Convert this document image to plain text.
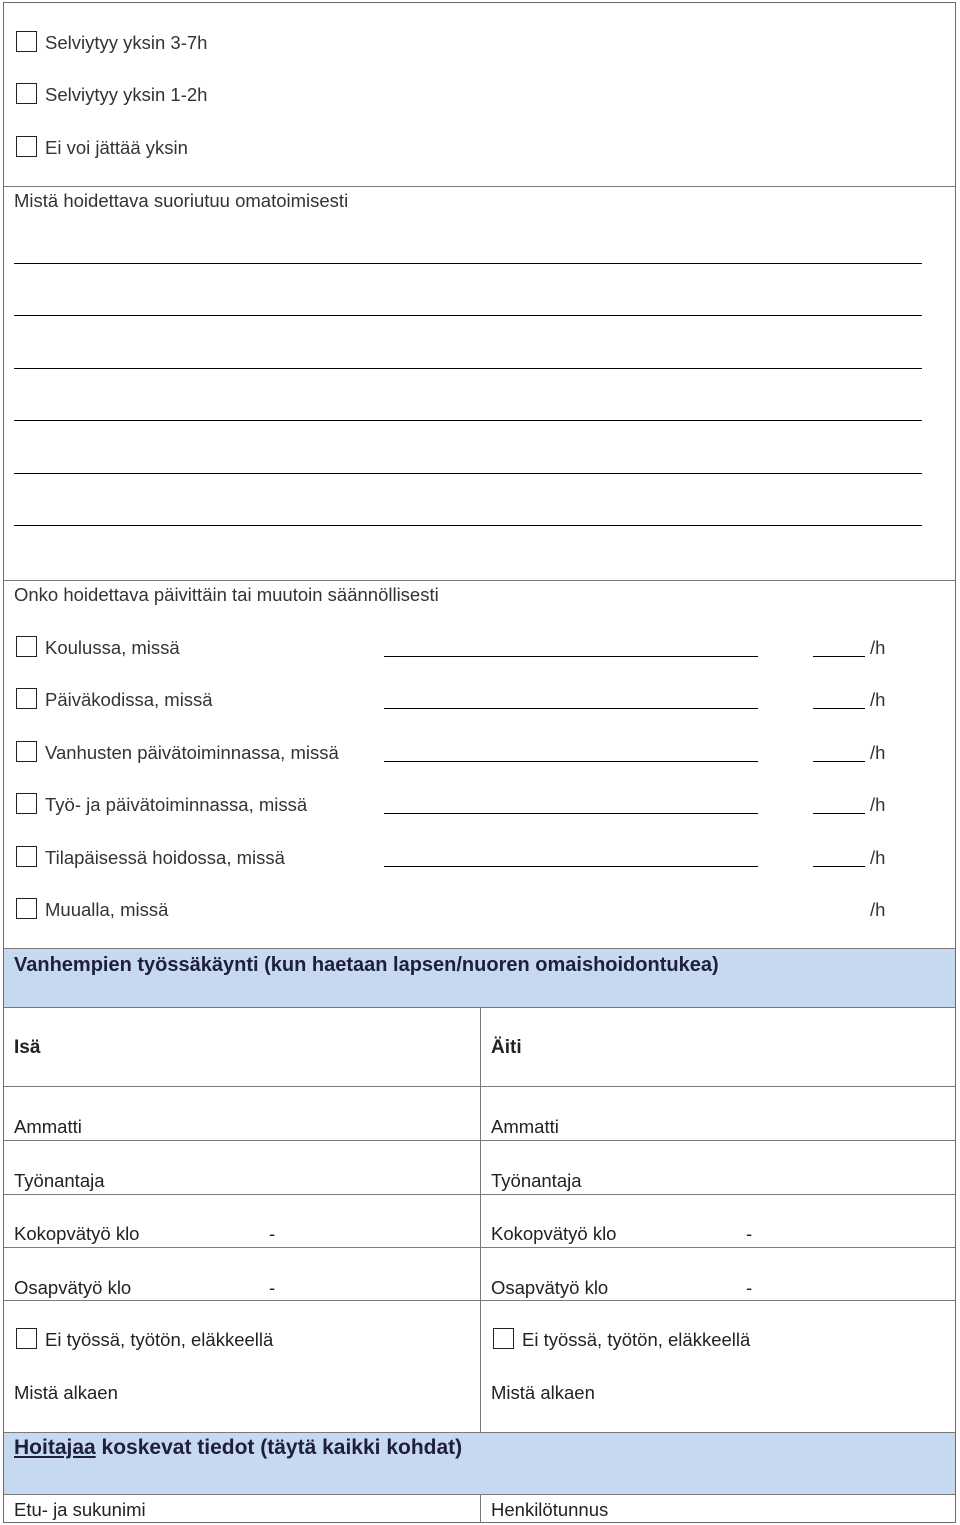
Selviytyy yksin 3-7h
Selviytyy yksin 1-2h
Ei voi jättää yksin
Mistä hoidettava suoriutuu omatoimisesti
Onko hoidettava päivittäin tai muutoin säännöllisesti
Koulussa, missä	/h
Päiväkodissa, missä	/h
Vanhusten päivätoiminnassa, missä	/h
Työ- ja päivätoiminnassa, missä	/h
Tilapäisessä hoidossa, missä	/h
Muualla, missä	/h
Vanhempien työssäkäynti (kun haetaan lapsen/nuoren omaishoidontukea)
Isä	Äiti
Ammatti	Ammatti
Työnantaja	Työnantaja
Kokopvätyö klo	-	Kokopvätyö klo	-
Osapvätyö klo	-	Osapvätyö klo	-
Ei työssä, työtön, eläkkeellä	Ei työssä, työtön, eläkkeellä
Mistä alkaen	Mistä alkaen
Hoitajaa koskevat tiedot (täytä kaikki kohdat)
Etu- ja sukunimi	Henkilötunnus
